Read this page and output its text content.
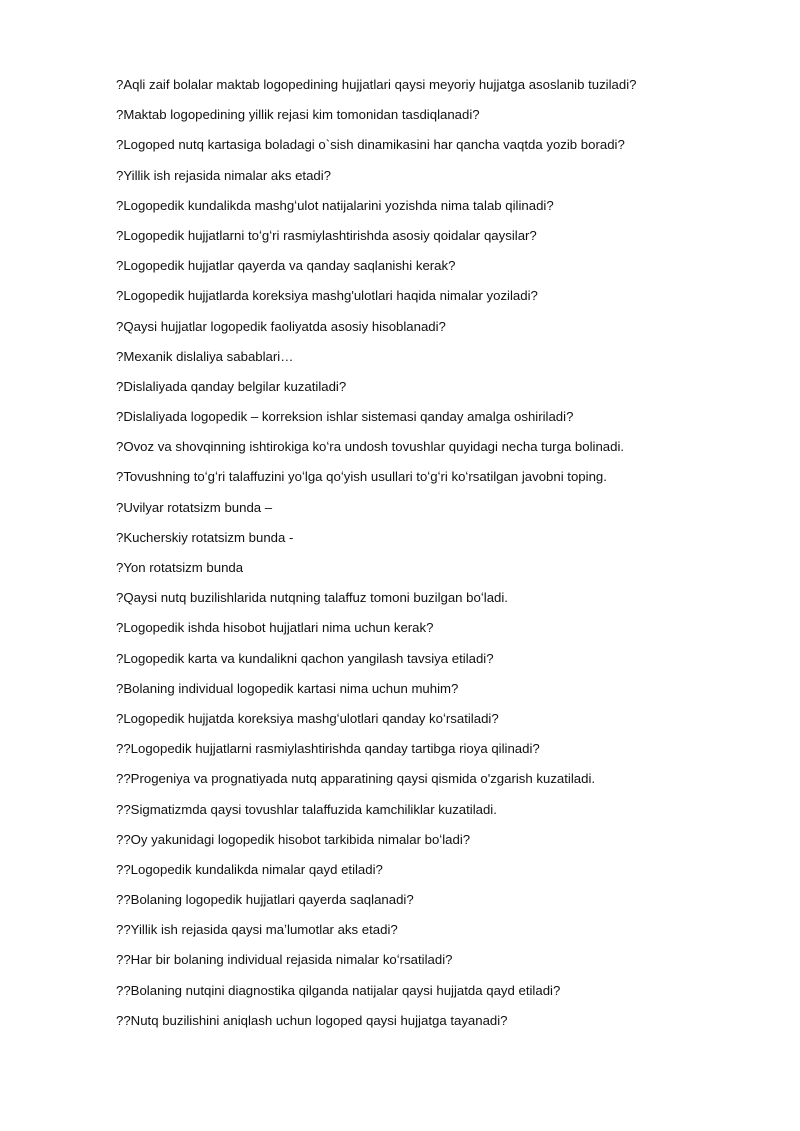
?Aqli zaif bolalar maktab logopedining hujjatlari qaysi meyoriy hujjatga asoslanib tuziladi?
?Maktab logopedining yillik rejasi kim tomonidan tasdiqlanadi?
?Logoped nutq kartasiga boladagi o`sish dinamikasini har qancha vaqtda yozib boradi?
?Yillik ish rejasida nimalar aks etadi?
?Logopedik kundalikda mashgʻulot natijalarini yozishda nima talab qilinadi?
?Logopedik hujjatlarni toʻgʻri rasmiylashtirishda asosiy qoidalar qaysilar?
?Logopedik hujjatlar qayerda va qanday saqlanishi kerak?
?Logopedik hujjatlarda koreksiya mashg'ulotlari haqida nimalar yoziladi?
?Qaysi hujjatlar logopedik faoliyatda asosiy hisoblanadi?
?Mexanik dislaliya sabablari…
?Dislaliyada qanday belgilar kuzatiladi?
?Dislaliyada logopedik – korreksion ishlar sistemasi qanday amalga oshiriladi?
?Ovoz va shovqinning ishtirokiga koʻra undosh tovushlar quyidagi necha turga bolinadi.
?Tovushning toʻgʻri talaffuzini yoʻlga qoʻyish usullari toʻgʻri koʻrsatilgan javobni toping.
?Uvilyar rotatsizm bunda –
?Kucherskiy rotatsizm bunda -
?Yon rotatsizm bunda
?Qaysi nutq buzilishlarida nutqning talaffuz tomoni buzilgan boʻladi.
?Logopedik ishda hisobot hujjatlari nima uchun kerak?
?Logopedik karta va kundalikni qachon yangilash tavsiya etiladi?
?Bolaning individual logopedik kartasi nima uchun muhim?
?Logopedik hujjatda koreksiya mashgʻulotlari qanday koʻrsatiladi?
??Logopedik hujjatlarni rasmiylashtirishda qanday tartibga rioya qilinadi?
??Progeniya va prognatiyada nutq apparatining qaysi qismida o'zgarish kuzatiladi.
??Sigmatizmda qaysi tovushlar talaffuzida kamchiliklar kuzatiladi.
??Oy yakunidagi logopedik hisobot tarkibida nimalar boʻladi?
??Logopedik kundalikda nimalar qayd etiladi?
??Bolaning logopedik hujjatlari qayerda saqlanadi?
??Yillik ish rejasida qaysi maʼlumotlar aks etadi?
??Har bir bolaning individual rejasida nimalar koʻrsatiladi?
??Bolaning nutqini diagnostika qilganda natijalar qaysi hujjatda qayd etiladi?
??Nutq buzilishini aniqlash uchun logoped qaysi hujjatga tayanadi?
